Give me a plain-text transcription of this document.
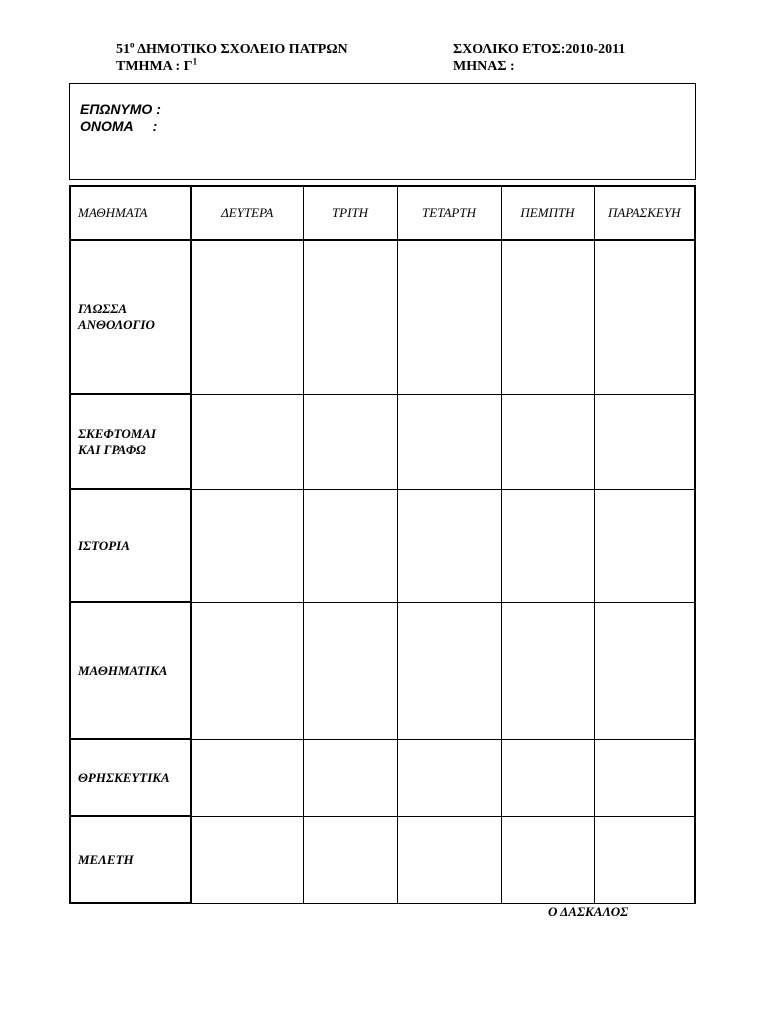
$51^o$ ΔΗΜΟΤΙΚΟ ΣΧΟΛΕΙΟ ΠΑΤΡΩΝ
ΤΜΗΜΑ : $\Gamma^1$
ΣΧΟΛΙΚΟ ΕΤΟΣ:2010-2011
ΜΗΝΑΣ :
ΕΠΩΝΥΜΟ :
ΟΝΟΜΑ     :
ΜΑΘΗΜΑΤΑ	ΔΕΥΤΕΡΑ	ΤΡΙΤΗ	ΤΕΤΑΡΤΗ	ΠΕΜΠΤΗ	ΠΑΡΑΣΚΕΥΗ
ΓΛΩΣΣΑ
ΑΝΘΟΛΟΓΙΟ					
ΣΚΕΦΤΟΜΑΙ
ΚΑΙ ΓΡΑΦΩ					
ΙΣΤΟΡΙΑ					
ΜΑΘΗΜΑΤΙΚΑ					
ΘΡΗΣΚΕΥΤΙΚΑ					
ΜΕΛΕΤΗ					
Ο ΔΑΣΚΑΛΟΣ
